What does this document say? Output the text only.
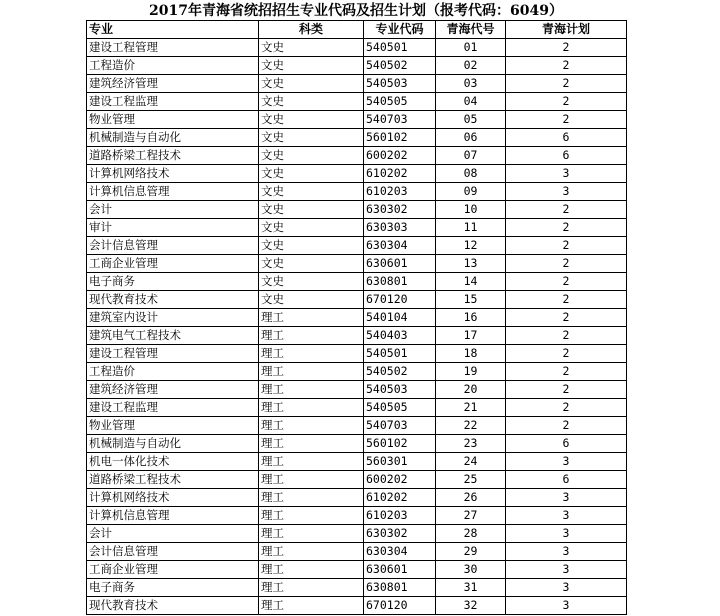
2017年青海省统招招生专业代码及招生计划（报考代码：6049）
专业	科类	专业代码	青海代号	青海计划
建设工程管理	文史	540501	01	2
工程造价	文史	540502	02	2
建筑经济管理	文史	540503	03	2
建设工程监理	文史	540505	04	2
物业管理	文史	540703	05	2
机械制造与自动化	文史	560102	06	6
道路桥梁工程技术	文史	600202	07	6
计算机网络技术	文史	610202	08	3
计算机信息管理	文史	610203	09	3
会计	文史	630302	10	2
审计	文史	630303	11	2
会计信息管理	文史	630304	12	2
工商企业管理	文史	630601	13	2
电子商务	文史	630801	14	2
现代教育技术	文史	670120	15	2
建筑室内设计	理工	540104	16	2
建筑电气工程技术	理工	540403	17	2
建设工程管理	理工	540501	18	2
工程造价	理工	540502	19	2
建筑经济管理	理工	540503	20	2
建设工程监理	理工	540505	21	2
物业管理	理工	540703	22	2
机械制造与自动化	理工	560102	23	6
机电一体化技术	理工	560301	24	3
道路桥梁工程技术	理工	600202	25	6
计算机网络技术	理工	610202	26	3
计算机信息管理	理工	610203	27	3
会计	理工	630302	28	3
会计信息管理	理工	630304	29	3
工商企业管理	理工	630601	30	3
电子商务	理工	630801	31	3
现代教育技术	理工	670120	32	3
